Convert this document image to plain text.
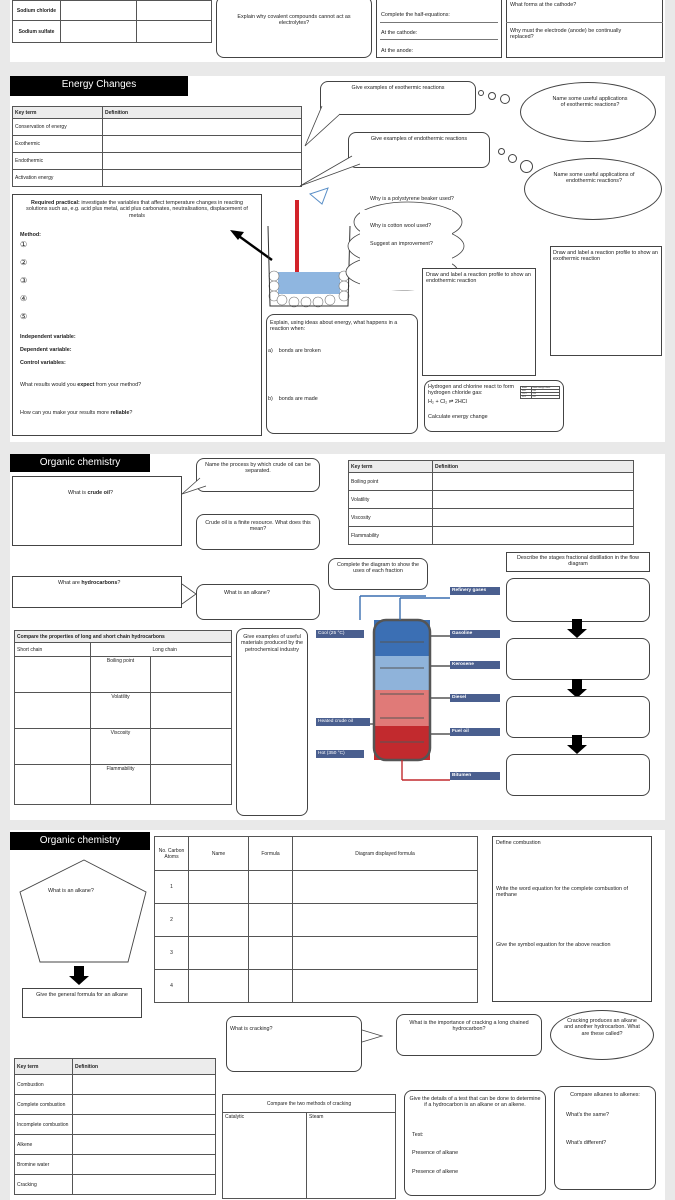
Sodium chloride		
Sodium sulfate		
Explain why covalent compounds cannot act as electrolytes?
Complete the half-equations:
At the cathode:
At the anode:
What forms at the cathode?
Why must the electrode (anode) be continually replaced?
Energy Changes
Key term	Definition
Conservation of energy	
Exothermic	
Endothermic	
Activation energy	
Give examples of exothermic reactions
Give examples of endothermic reactions
Name some useful applications of exothermic reactions?
Name some useful applications of endothermic reactions?
Required practical: investigate the variables that affect temperature changes in reacting solutions such as, e.g. acid plus metal, acid plus carbonates, neutralisations, displacement of metals
Method:
①
②
③
④
⑤
Independent variable:
Dependent variable:
Control variables:
What results would you expect from your method?
How can you make your results more reliable?
Why is a polystyrene beaker used?
Why is cotton wool used?
Suggest an improvement?
Draw and label a reaction profile to show an endothermic reaction
Draw and label a reaction profile to show an exothermic reaction
Explain, using ideas about energy, what happens in a reaction when:
a) bonds are broken
b) bonds are made
Hydrogen and chlorine react to form hydrogen chloride gas:
H₂ + Cl₂ ⇌ 2HCl
Calculate energy change
Bond	Bond energy kJ/mol
H-H	436
Cl-Cl	243
H-Cl	432
Organic chemistry
What is crude oil?
Name the process by which crude oil can be separated.
Crude oil is a finite resource. What does this mean?
Key term	Definition
Boiling point	
Volatility	
Viscosity	
Flammability	
What are hydrocarbons?
What is an alkane?
Complete the diagram to show the uses of each fraction
Describe the stages fractional distillation in the flow diagram
Compare the properties of long and short chain hydrocarbons		
Short chain		Long chain
	Boiling point	
	Volatility	
	Viscosity	
	Flammability	
Give examples of useful materials produced by the petrochemical industry
Refinery gases
Gasoline
Kerosene
Diesel
Fuel oil
Bitumen
Cool (25 °C)
Heated crude oil
Hot (350 °C)
Organic chemistry
What is an alkane?
Give the general formula for an alkane
No. Carbon Atoms	Name	Formula	Diagram displayed formula
1			
2			
3			
4			
Define combustion
Write the word equation for the complete combustion of methane
Give the symbol equation for the above reaction
What is cracking?
What is the importance of cracking a long chained hydrocarbon?
Cracking produces an alkane and another hydrocarbon. What are these called?
Key term	Definition
Combustion	
Complete combustion	
Incomplete combustion	
Alkene	
Bromine water	
Cracking	
Compare the two methods of cracking
Catalytic	Steam
Give the details of a test that can be done to determine if a hydrocarbon is an alkane or an alkene.
Test:
Presence of alkane
Presence of alkene
Compare alkanes to alkenes:
What's the same?
What's different?
